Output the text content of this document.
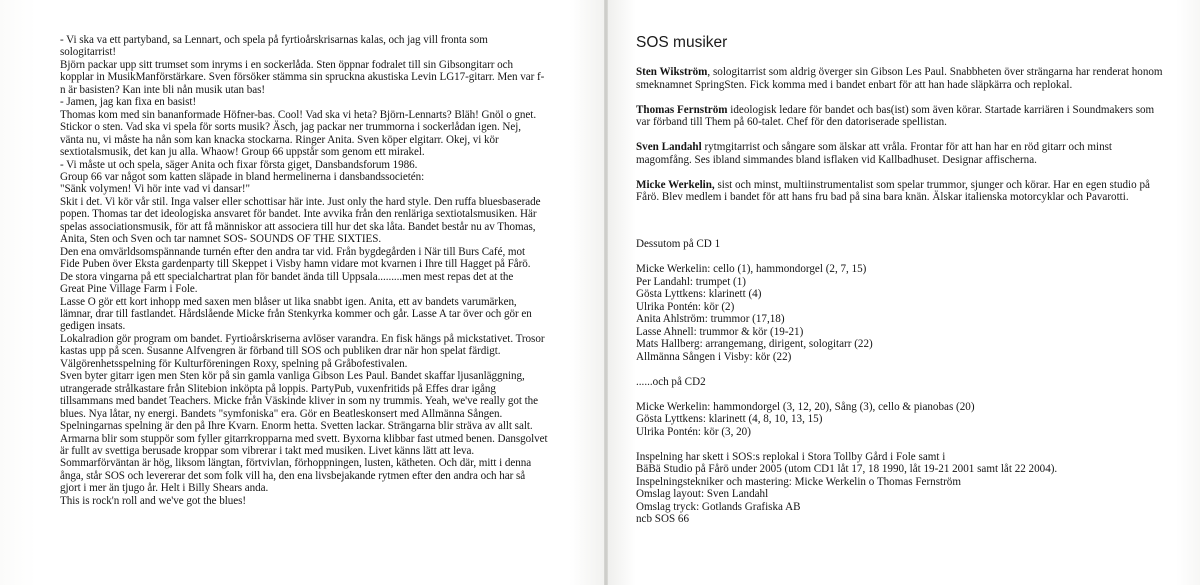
- Vi ska va ett partyband, sa Lennart, och spela på fyrtioårskrisarnas kalas, och jag vill fronta som

sologitarrist!

Björn packar upp sitt trumset som inryms i en sockerlåda. Sten öppnar fodralet till sin Gibsongitarr och

kopplar in MusikManförstärkare. Sven försöker stämma sin spruckna akustiska Levin LG17-gitarr. Men var f-

n är basisten? Kan inte bli nån musik utan bas!

- Jamen, jag kan fixa en basist!

Thomas kom med sin bananformade Höfner-bas. Cool! Vad ska vi heta? Björn-Lennarts? Bläh! Gnöl o gnet.

Stickor o sten. Vad ska vi spela för sorts musik? Äsch, jag packar ner trummorna i sockerlådan igen. Nej,

vänta nu, vi måste ha nån som kan knacka stockarna. Ringer Anita. Sven köper elgitarr. Okej, vi kör

sextiotalsmusik, det kan ju alla. Whaow! Group 66 uppstår som genom ett mirakel.

- Vi måste ut och spela, säger Anita och fixar första giget, Dansbandsforum 1986.

Group 66 var något som katten släpade in bland hermelinerna i dansbandssocietén:

"Sänk volymen! Vi hör inte vad vi dansar!"

Skit i det. Vi kör vår stil. Inga valser eller schottisar här inte. Just only the hard style. Den ruffa bluesbaserade

popen. Thomas tar det ideologiska ansvaret för bandet. Inte avvika från den renläriga sextiotalsmusiken. Här

spelas associationsmusik, för att få människor att associera till hur det ska låta. Bandet består nu av Thomas,

Anita, Sten och Sven och tar namnet SOS- SOUNDS OF THE SIXTIES.

Den ena omvärldsomspännande turnén efter den andra tar vid. Från bygdegården i När till Burs Café, mot

Fide Puben över Eksta gardenparty till Skeppet i Visby hamn vidare mot kvarnen i Ihre till Hagget på Fårö.

De stora vingarna på ett specialchartrat plan för bandet ända till Uppsala.........men mest repas det at the

Great Pine Village Farm i Fole.

Lasse O gör ett kort inhopp med saxen men blåser ut lika snabbt igen. Anita, ett av bandets varumärken,

lämnar, drar till fastlandet. Hårdslående Micke från Stenkyrka kommer och går. Lasse A tar över och gör en

gedigen insats.

Lokalradion gör program om bandet. Fyrtioårskriserna avlöser varandra. En fisk hängs på mickstativet. Trosor

kastas upp på scen. Susanne Alfvengren är förband till SOS och publiken drar när hon spelat färdigt.

Välgörenhetsspelning för Kulturföreningen Roxy, spelning på Gråbofestivalen.

Sven byter gitarr igen men Sten kör på sin gamla vanliga Gibson Les Paul. Bandet skaffar ljusanläggning,

utrangerade strålkastare från Slitebion inköpta på loppis. PartyPub, vuxenfritids på Effes drar igång

tillsammans med bandet Teachers. Micke från Väskinde kliver in som ny trummis. Yeah, we've really got the

blues. Nya låtar, ny energi. Bandets "symfoniska" era. Gör en Beatleskonsert med Allmänna Sången.

Spelningarnas spelning är den på Ihre Kvarn. Enorm hetta. Svetten lackar. Strängarna blir sträva av allt salt.

Armarna blir som stupрör som fyller gitarrkropparna med svett. Byxorna klibbar fast utmed benen. Dansgolvet

är fullt av svettiga berusade kroppar som vibrerar i takt med musiken. Livet känns lätt att leva.

Sommarförväntan är hög, liksom längtan, förtvivlan, förhoppningen, lusten, kätheten. Och där, mitt i denna

ånga, står SOS och levererar det som folk vill ha, den ena livsbejakande rytmen efter den andra och har så

gjort i mer än tjugo år. Helt i Billy Shears anda.

This is rock'n roll and we've got the blues!

SOS musiker

Sten Wikström, sologitarrist som aldrig överger sin Gibson Les Paul. Snabbheten över strängarna har renderat honom smeknamnet SpringSten. Fick komma med i bandet enbart för att han hade släpkärra och replokal.

Thomas Fernström ideologisk ledare för bandet och bas(ist) som även körar. Startade karriären i Soundmakers som var förband till Them på 60-talet. Chef för den datoriserade spellistan.

Sven Landahl rytmgitarrist och sångare som älskar att vråla. Frontar för att han har en röd gitarr och minst magomfång. Ses ibland simmandes bland isflaken vid Kallbadhuset. Designar affischerna.

Micke Werkelin, sist och minst, multiinstrumentalist som spelar trummor, sjunger och körar. Har en egen studio på Fårö. Blev medlem i bandet för att hans fru bad på sina bara knän. Älskar italienska motorcyklar och Pavarotti.

Dessutom på CD 1

Micke Werkelin: cello (1), hammondorgel (2, 7, 15)

Per Landahl: trumpet (1)

Gösta Lyttkens: klarinett (4)

Ulrika Pontén: kör (2)

Anita Ahlström: trummor (17,18)

Lasse Ahnell: trummor & kör (19-21)

Mats Hallberg: arrangemang, dirigent, sologitarr (22)

Allmänna Sången i Visby: kör (22)

......och på CD2

Micke Werkelin: hammondorgel (3, 12, 20), Sång (3), cello & pianobas (20)

Gösta Lyttkens: klarinett (4, 8, 10, 13, 15)

Ulrika Pontén: kör (3, 20)

Inspelning har skett i SOS:s replokal i Stora Tollby Gård i Fole samt i

BäBä Studio på Fårö under 2005 (utom CD1 låt 17, 18 1990, låt 19-21 2001 samt låt 22 2004).

Inspelningstekniker och mastering: Micke Werkelin o Thomas Fernström

Omslag layout: Sven Landahl

Omslag tryck: Gotlands Grafiska AB

ncb SOS 66
